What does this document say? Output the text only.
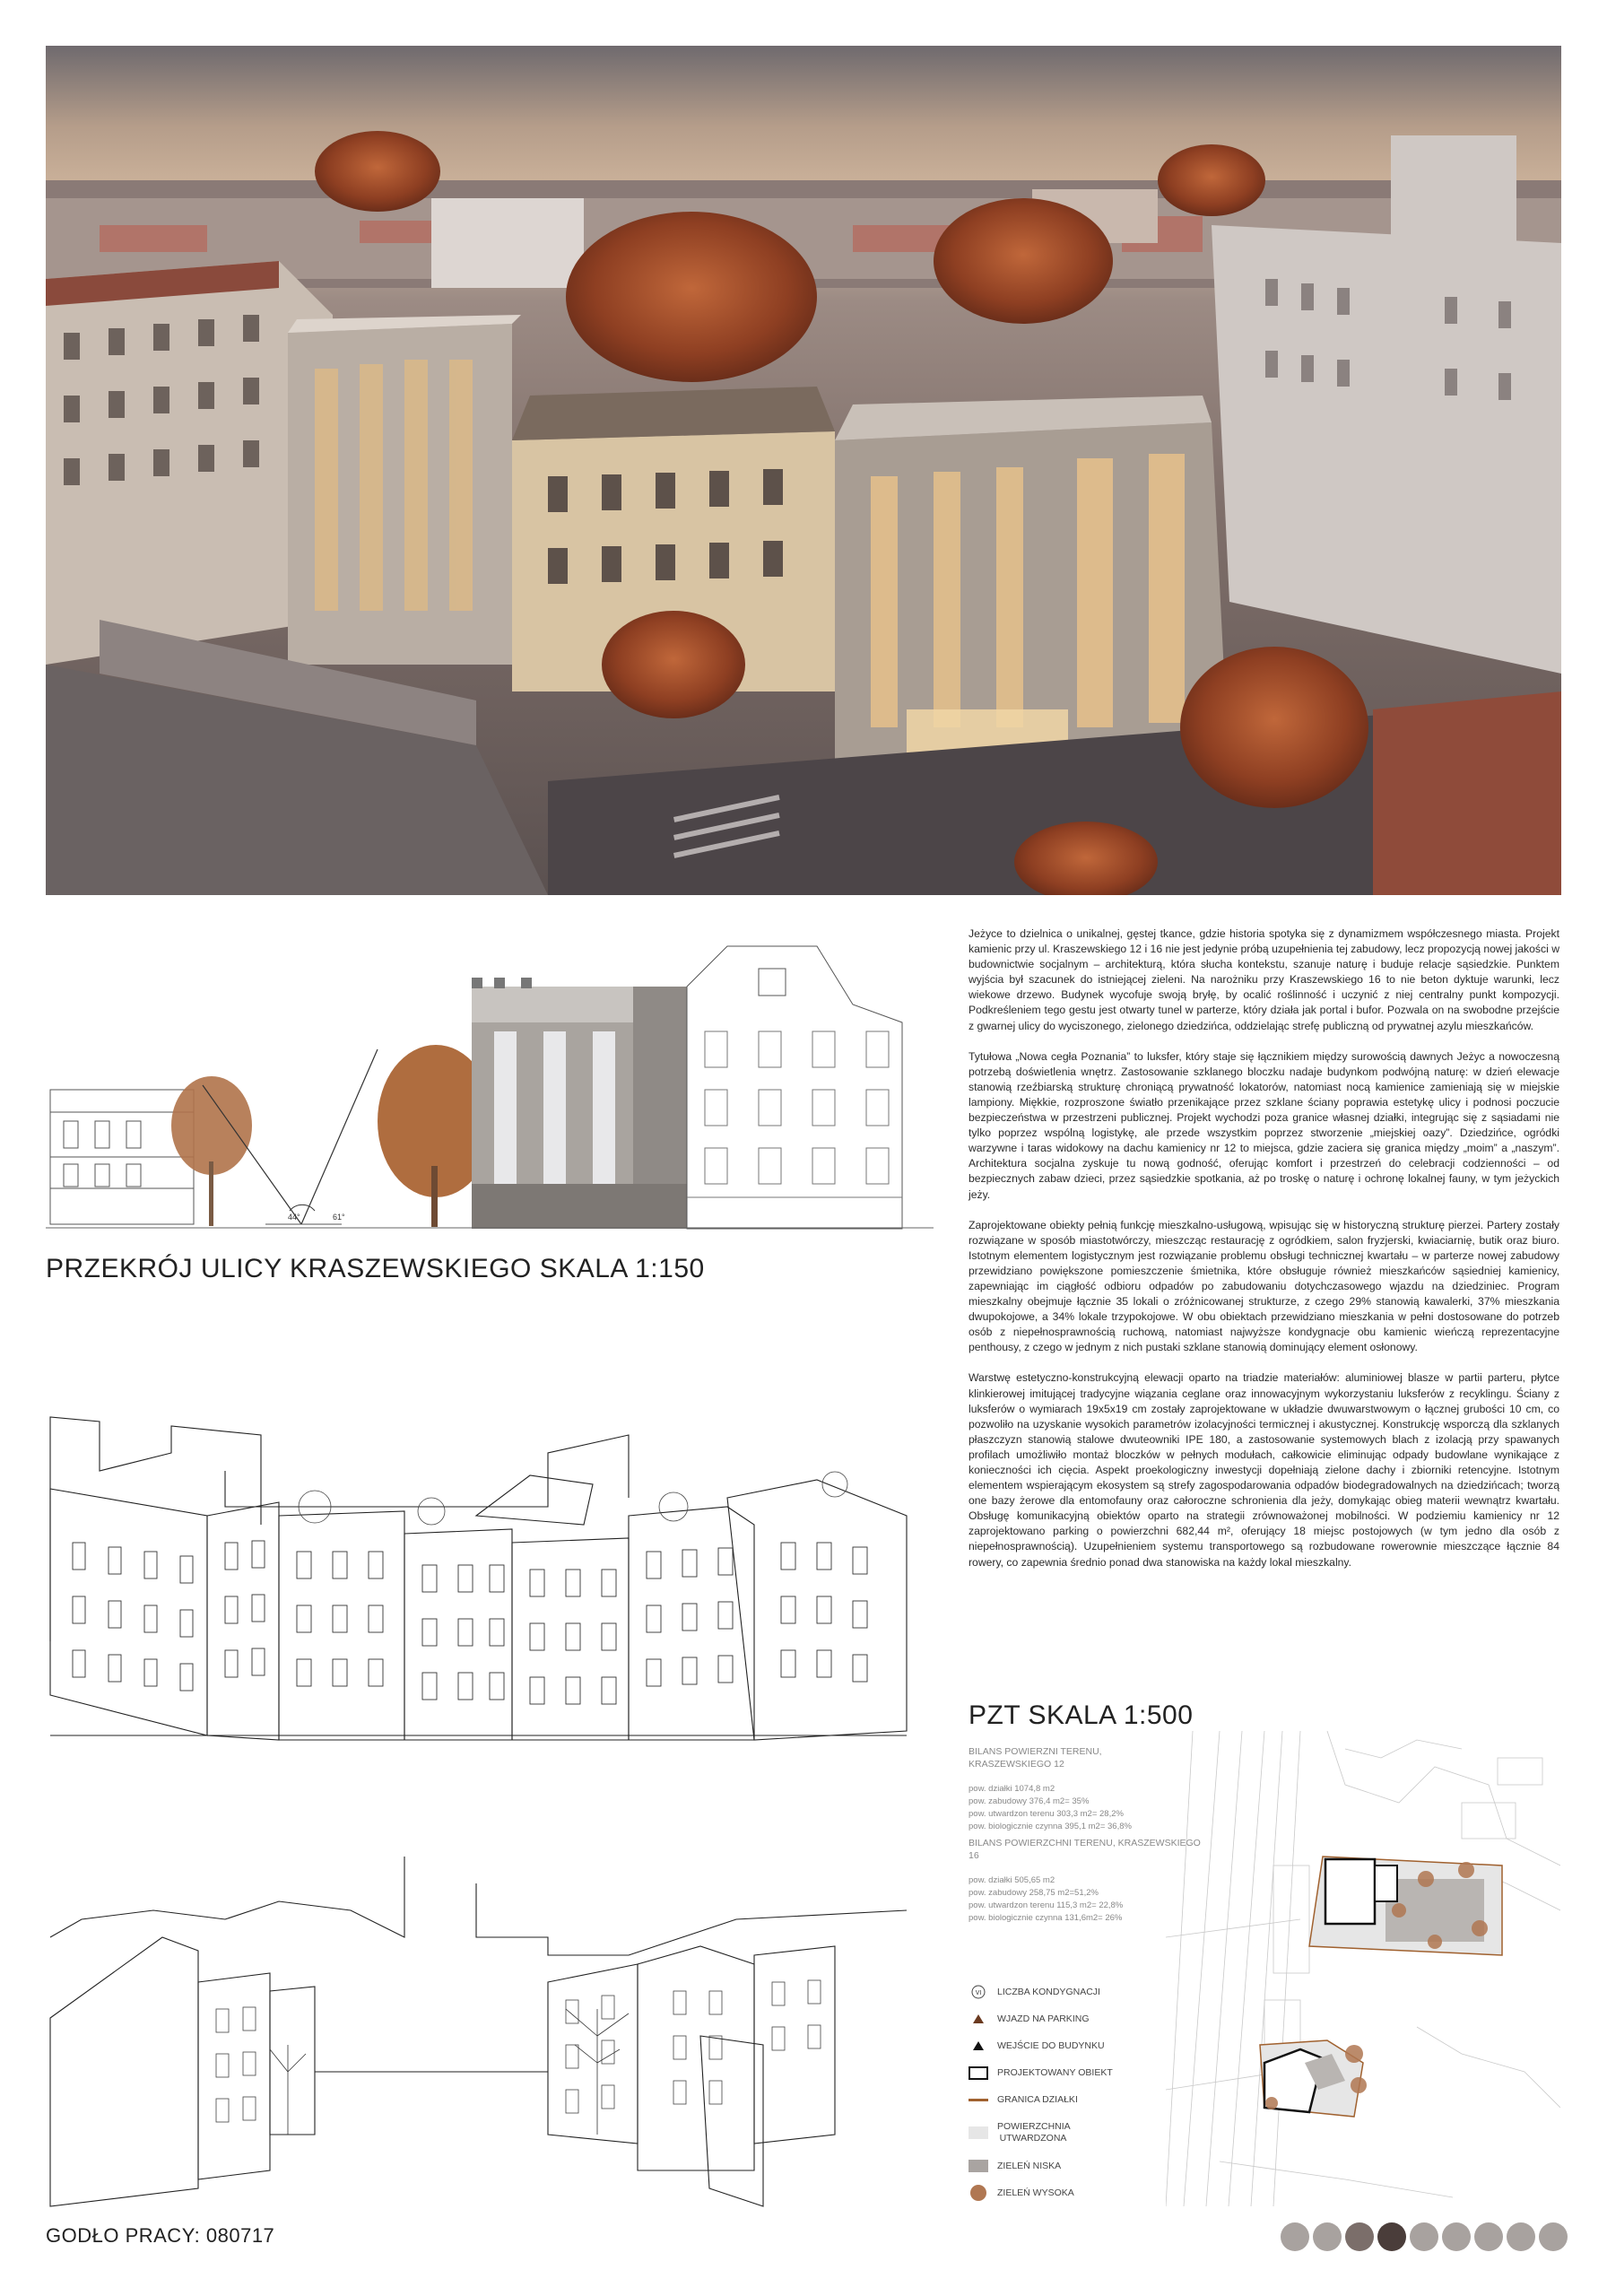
44°	61°
PRZEKRÓJ ULICY KRASZEWSKIEGO SKALA 1:150

Jeżyce to dzielnica o unikalnej, gęstej tkance, gdzie historia spotyka się z dynamizmem współczesnego miasta. Projekt kamienic przy ul. Kraszewskiego 12 i 16 nie jest jedynie próbą uzupełnienia tej zabudowy, lecz propozycją nowej jakości w budownictwie socjalnym – architekturą, która słucha kontekstu, szanuje naturę i buduje relacje sąsiedzkie. Punktem wyjścia był szacunek do istniejącej zieleni. Na narożniku przy Kraszewskiego 16 to nie beton dyktuje warunki, lecz wiekowe drzewo. Budynek wycofuje swoją bryłę, by ocalić roślinność i uczynić z niej centralny punkt kompozycji. Podkreśleniem tego gestu jest otwarty tunel w parterze, który działa jak portal i bufor. Pozwala on na swobodne przejście z gwarnej ulicy do wyciszonego, zielonego dziedzińca, oddzielając strefę publiczną od prywatnej azylu mieszkańców.

Tytułowa „Nowa cegła Poznania” to luksfer, który staje się łącznikiem między surowością dawnych Jeżyc a nowoczesną potrzebą doświetlenia wnętrz. Zastosowanie szklanego bloczku nadaje budynkom podwójną naturę: w dzień elewacje stanowią rzeźbiarską strukturę chroniącą prywatność lokatorów, natomiast nocą kamienice zamieniają się w miejskie lampiony. Miękkie, rozproszone światło przenikające przez szklane ściany poprawia estetykę ulicy i podnosi poczucie bezpieczeństwa w przestrzeni publicznej. Projekt wychodzi poza granice własnej działki, integrując się z sąsiadami nie tylko poprzez wspólną logistykę, ale przede wszystkim poprzez stworzenie „miejskiej oazy”. Dziedzińce, ogródki warzywne i taras widokowy na dachu kamienicy nr 12 to miejsca, gdzie zaciera się granica między „moim” a „naszym”. Architektura socjalna zyskuje tu nową godność, oferując komfort i przestrzeń do celebracji codzienności – od bezpiecznych zabaw dzieci, przez sąsiedzkie spotkania, aż po troskę o naturę i ochronę lokalnej fauny, w tym jeżyckich jeży.

Zaprojektowane obiekty pełnią funkcję mieszkalno-usługową, wpisując się w historyczną strukturę pierzei. Partery zostały rozwiązane w sposób miastotwórczy, mieszcząc restaurację z ogródkiem, salon fryzjerski, kwiaciarnię, butik oraz biuro. Istotnym elementem logistycznym jest rozwiązanie problemu obsługi technicznej kwartału – w parterze nowej zabudowy przewidziano powiększone pomieszczenie śmietnika, które obsługuje również mieszkańców sąsiedniej kamienicy, zapewniając im ciągłość odbioru odpadów po zabudowaniu dotychczasowego wjazdu na dziedziniec. Program mieszkalny obejmuje łącznie 35 lokali o zróżnicowanej strukturze, z czego 29% stanowią kawalerki, 37% mieszkania dwupokojowe, a 34% lokale trzypokojowe. W obu obiektach przewidziano mieszkania w pełni dostosowane do potrzeb osób z niepełnosprawnością ruchową, natomiast najwyższe kondygnacje obu kamienic wieńczą reprezentacyjne penthousy, z czego w jednym z nich pustaki szklane stanowią dominujący element osłonowy.

Warstwę estetyczno-konstrukcyjną elewacji oparto na triadzie materiałów: aluminiowej blasze w partii parteru, płytce klinkierowej imitującej tradycyjne wiązania ceglane oraz innowacyjnym wykorzystaniu luksferów z recyklingu. Ściany z luksferów o wymiarach 19x5x19 cm zostały zaprojektowane w układzie dwuwarstwowym o łącznej grubości 10 cm, co pozwoliło na uzyskanie wysokich parametrów izolacyjności termicznej i akustycznej. Konstrukcję wsporczą dla szklanych płaszczyzn stanowią stalowe dwuteowniki IPE 180, a zastosowanie systemowych blach z izolacją przy spawanych profilach umożliwiło montaż bloczków w pełnych modułach, całkowicie eliminując odpady budowlane wynikające z konieczności ich cięcia. Aspekt proekologiczny inwestycji dopełniają zielone dachy i zbiorniki retencyjne. Istotnym elementem wspierającym ekosystem są strefy zagospodarowania odpadów biodegradowalnych na dziedzińcach; tworzą one bazy żerowe dla entomofauny oraz całoroczne schronienia dla jeży, domykając obieg materii wewnątrz kwartału. Obsługę komunikacyjną obiektów oparto na strategii zrównoważonej mobilności. W podziemiu kamienicy nr 12 zaprojektowano parking o powierzchni 682,44 m², oferujący 18 miejsc postojowych (w tym jedno dla osób z niepełnosprawnością). Uzupełnieniem systemu transportowego są rozbudowane rowerownie mieszczące łącznie 84 rowery, co zapewnia średnio ponad dwa stanowiska na każdy lokal mieszkalny.

PZT SKALA 1:500
BILANS POWIERZNI TERENU, KRASZEWSKIEGO 12
pow. działki 1074,8 m2
pow. zabudowy 376,4 m2= 35%
pow. utwardzon terenu 303,3 m2= 28,2%
pow. biologicznie czynna 395,1 m2= 36,8%
BILANS POWIERZCHNI TERENU, KRASZEWSKIEGO 16
pow. działki 505,65 m2
pow. zabudowy 258,75 m2=51,2%
pow. utwardzon terenu 115,3 m2= 22,8%
pow. biologicznie czynna 131,6m2= 26%
VI LICZBA KONDYGNACJI
WJAZD NA PARKING
WEJŚCIE DO BUDYNKU
PROJEKTOWANY OBIEKT
GRANICA DZIAŁKI
POWIERZCHNIA UTWARDZONA
ZIELEŃ NISKA
ZIELEŃ WYSOKA
GODŁO PRACY: 080717
